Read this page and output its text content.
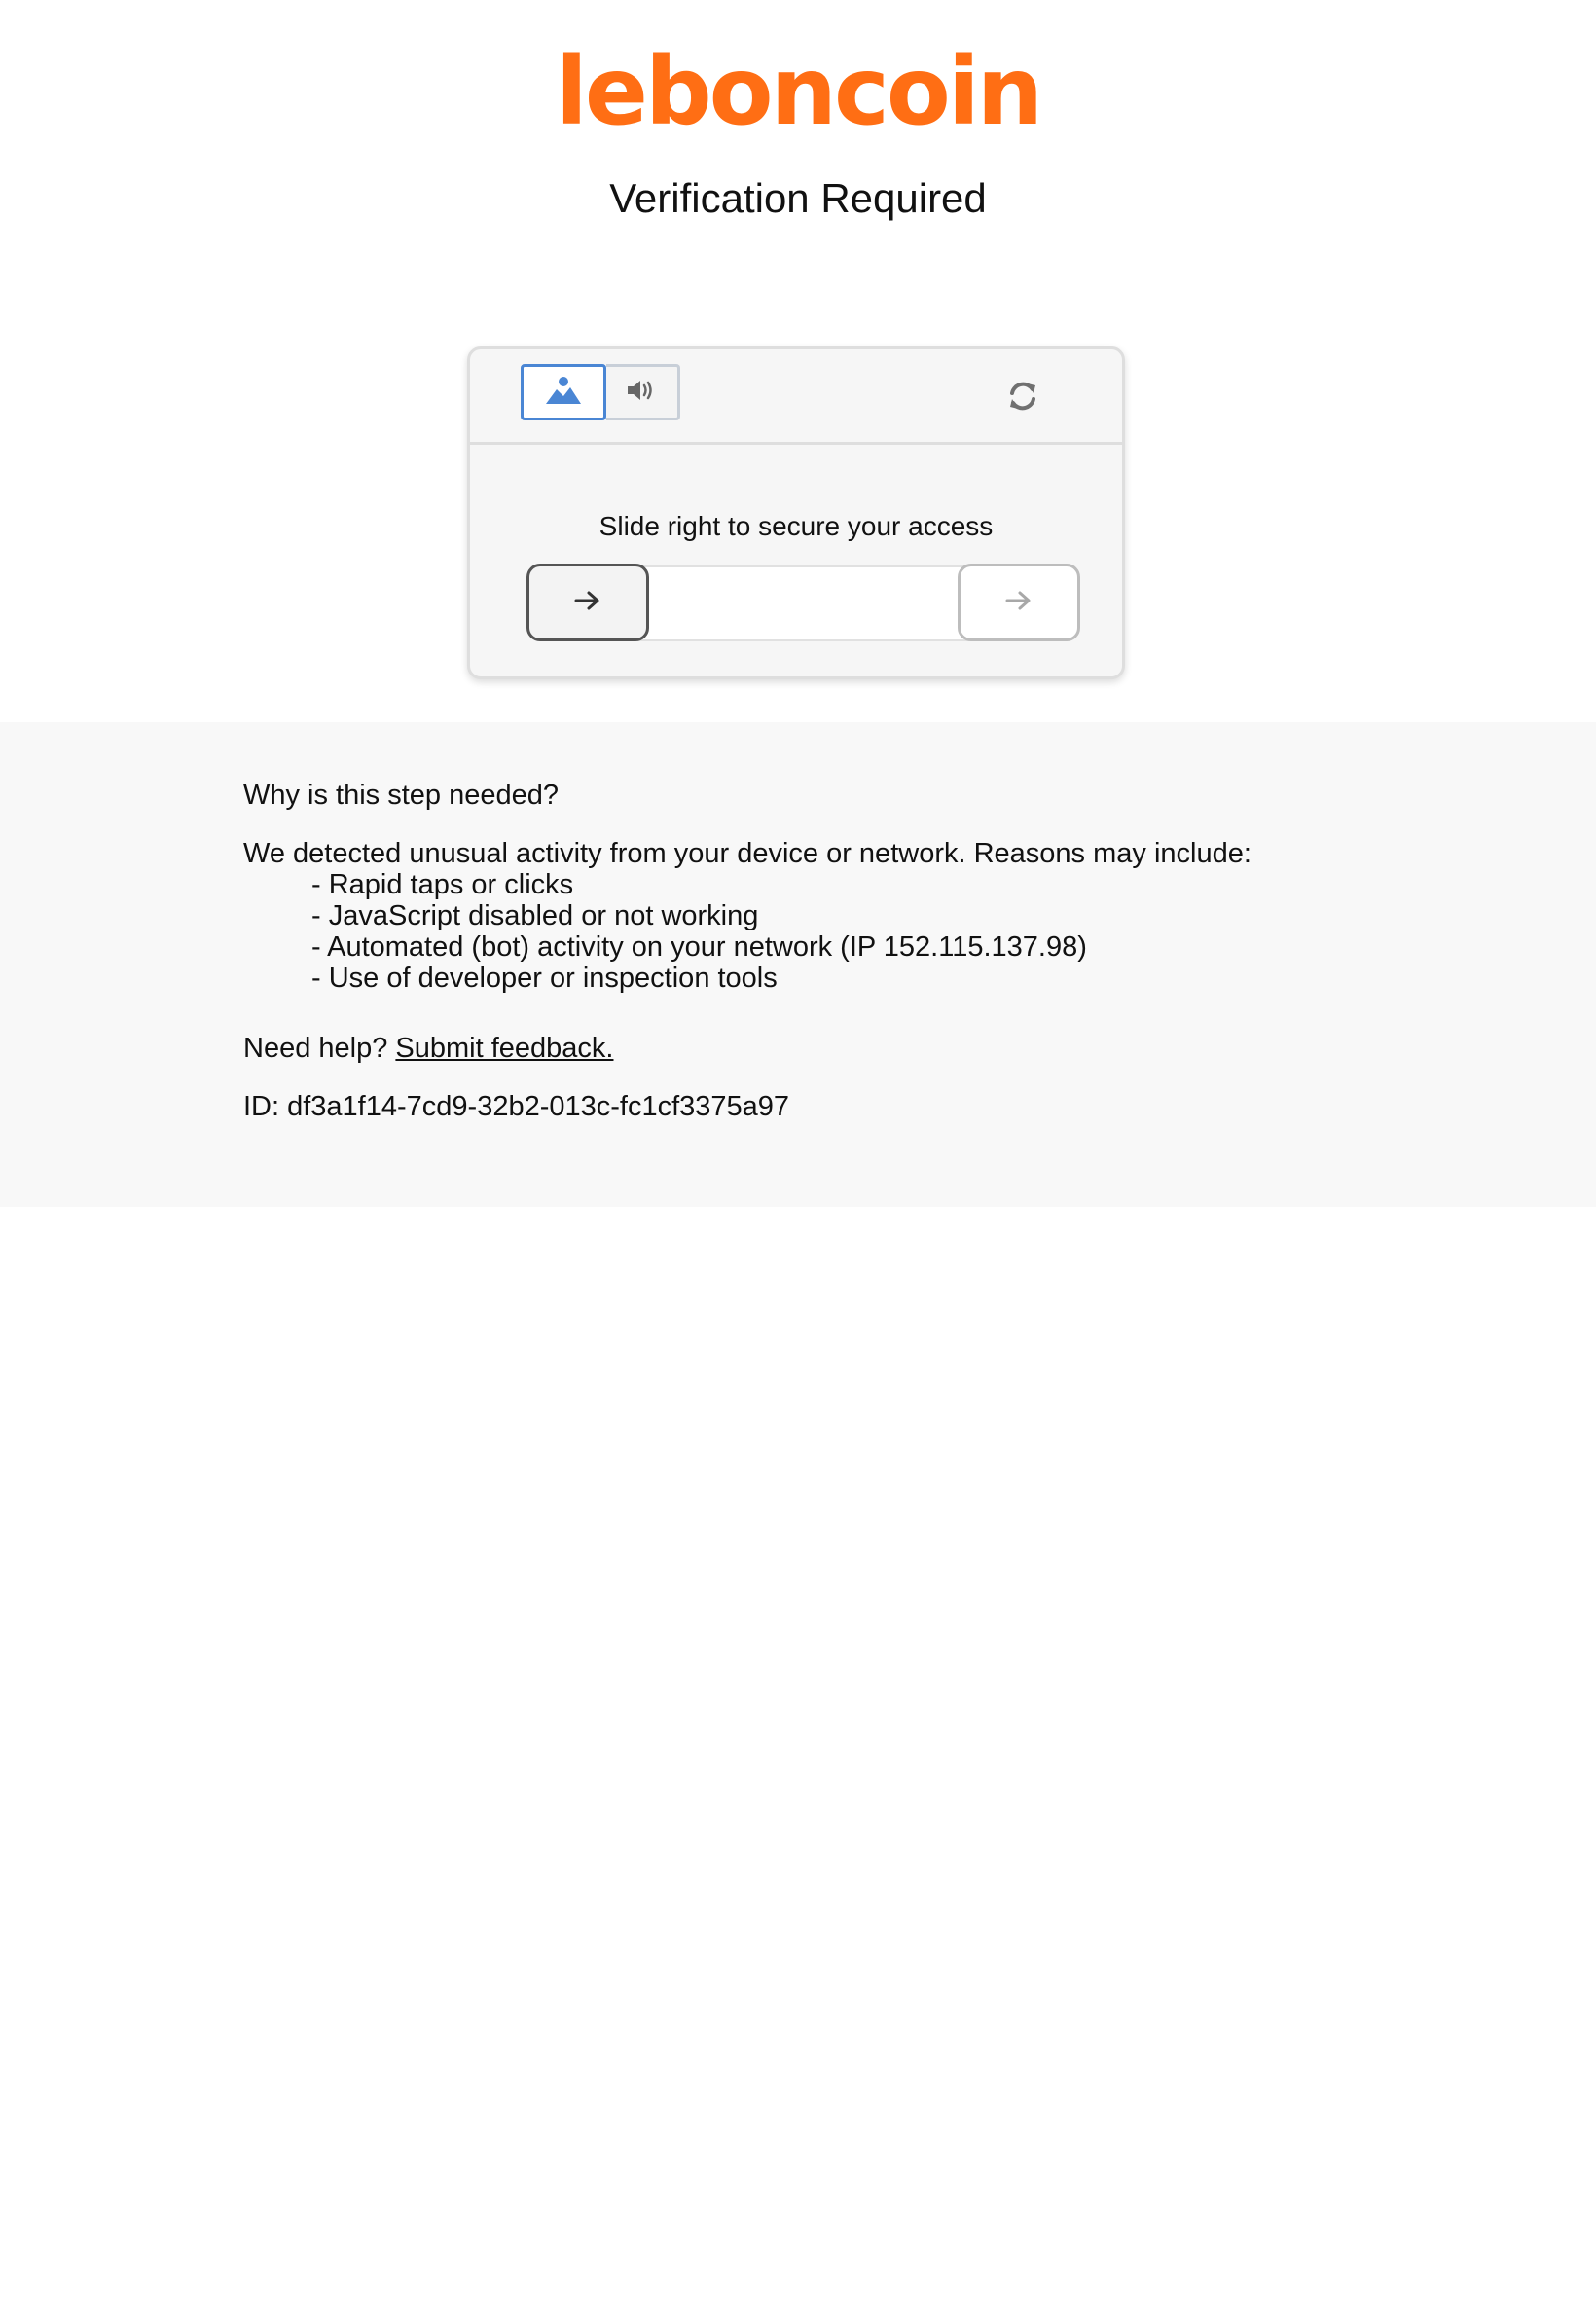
leboncoin
Verification Required
Slide right to secure your access

Why is this step needed?

We detected unusual activity from your device or network. Reasons may include:

- Rapid taps or clicks
- JavaScript disabled or not working
- Automated (bot) activity on your network (IP 152.115.137.98)
- Use of developer or inspection tools

Need help? Submit feedback.

ID: df3a1f14-7cd9-32b2-013c-fc1cf3375a97
